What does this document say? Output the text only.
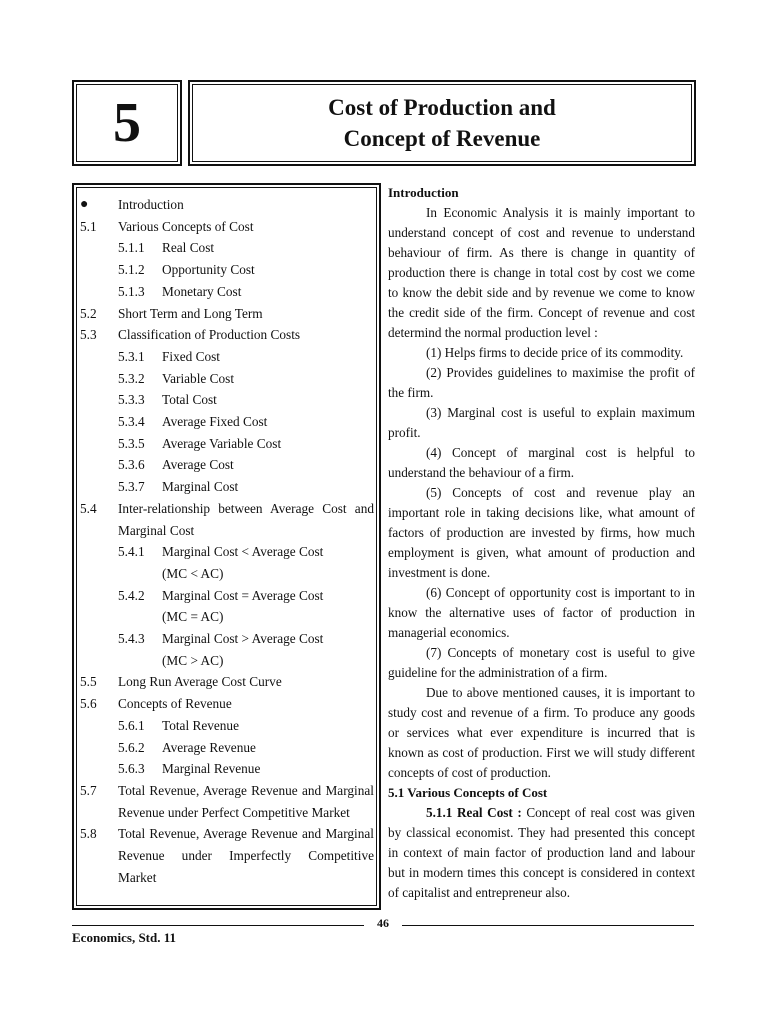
5	Cost of Production and
Concept of Revenue
●	Introduction
5.1	Various Concepts of Cost
5.1.1	Real Cost
5.1.2	Opportunity Cost
5.1.3	Monetary Cost
5.2	Short Term and Long Term
5.3	Classification of Production Costs
5.3.1	Fixed Cost
5.3.2	Variable Cost
5.3.3	Total Cost
5.3.4	Average Fixed Cost
5.3.5	Average Variable Cost
5.3.6	Average Cost
5.3.7	Marginal Cost
5.4	Inter-relationship between Average Cost and Marginal Cost
5.4.1	Marginal Cost < Average Cost
(MC < AC)
5.4.2	Marginal Cost = Average Cost
(MC = AC)
5.4.3	Marginal Cost > Average Cost
(MC > AC)
5.5	Long Run Average Cost Curve
5.6	Concepts of Revenue
5.6.1	Total Revenue
5.6.2	Average Revenue
5.6.3	Marginal Revenue
5.7	Total Revenue, Average Revenue and Marginal Revenue under Perfect Competitive Market
5.8	Total Revenue, Average Revenue and Marginal Revenue under Imperfectly Competitive Market

Introduction

In Economic Analysis it is mainly important to understand concept of cost and revenue to understand behaviour of firm. As there is change in quantity of production there is change in total cost by cost we come to know the debit side and by revenue we come to know the credit side of the firm. Concept of revenue and cost determind the normal production level :

(1) Helps firms to decide price of its commodity.

(2) Provides guidelines to maximise the profit of the firm.

(3) Marginal cost is useful to explain maximum profit.

(4) Concept of marginal cost is helpful to understand the behaviour of a firm.

(5) Concepts of cost and revenue play an important role in taking decisions like, what amount of factors of production are invested by firms, how much employment is given, what amount of production and investment is done.

(6) Concept of opportunity cost is important to in know the alternative uses of factor of production in managerial economics.

(7) Concepts of monetary cost is useful to give guideline for the administration of a firm.

Due to above mentioned causes, it is important to study cost and revenue of a firm. To produce any goods or services what ever expenditure is incurred that is known as cost of production. First we will study different concepts of cost of production.

5.1 Various Concepts of Cost

5.1.1 Real Cost : Concept of real cost was given by classical economist. They had presented this concept in context of main factor of production land and labour but in modern times this concept is considered in context of capitalist and entrepreneur also.

46
Economics, Std. 11
